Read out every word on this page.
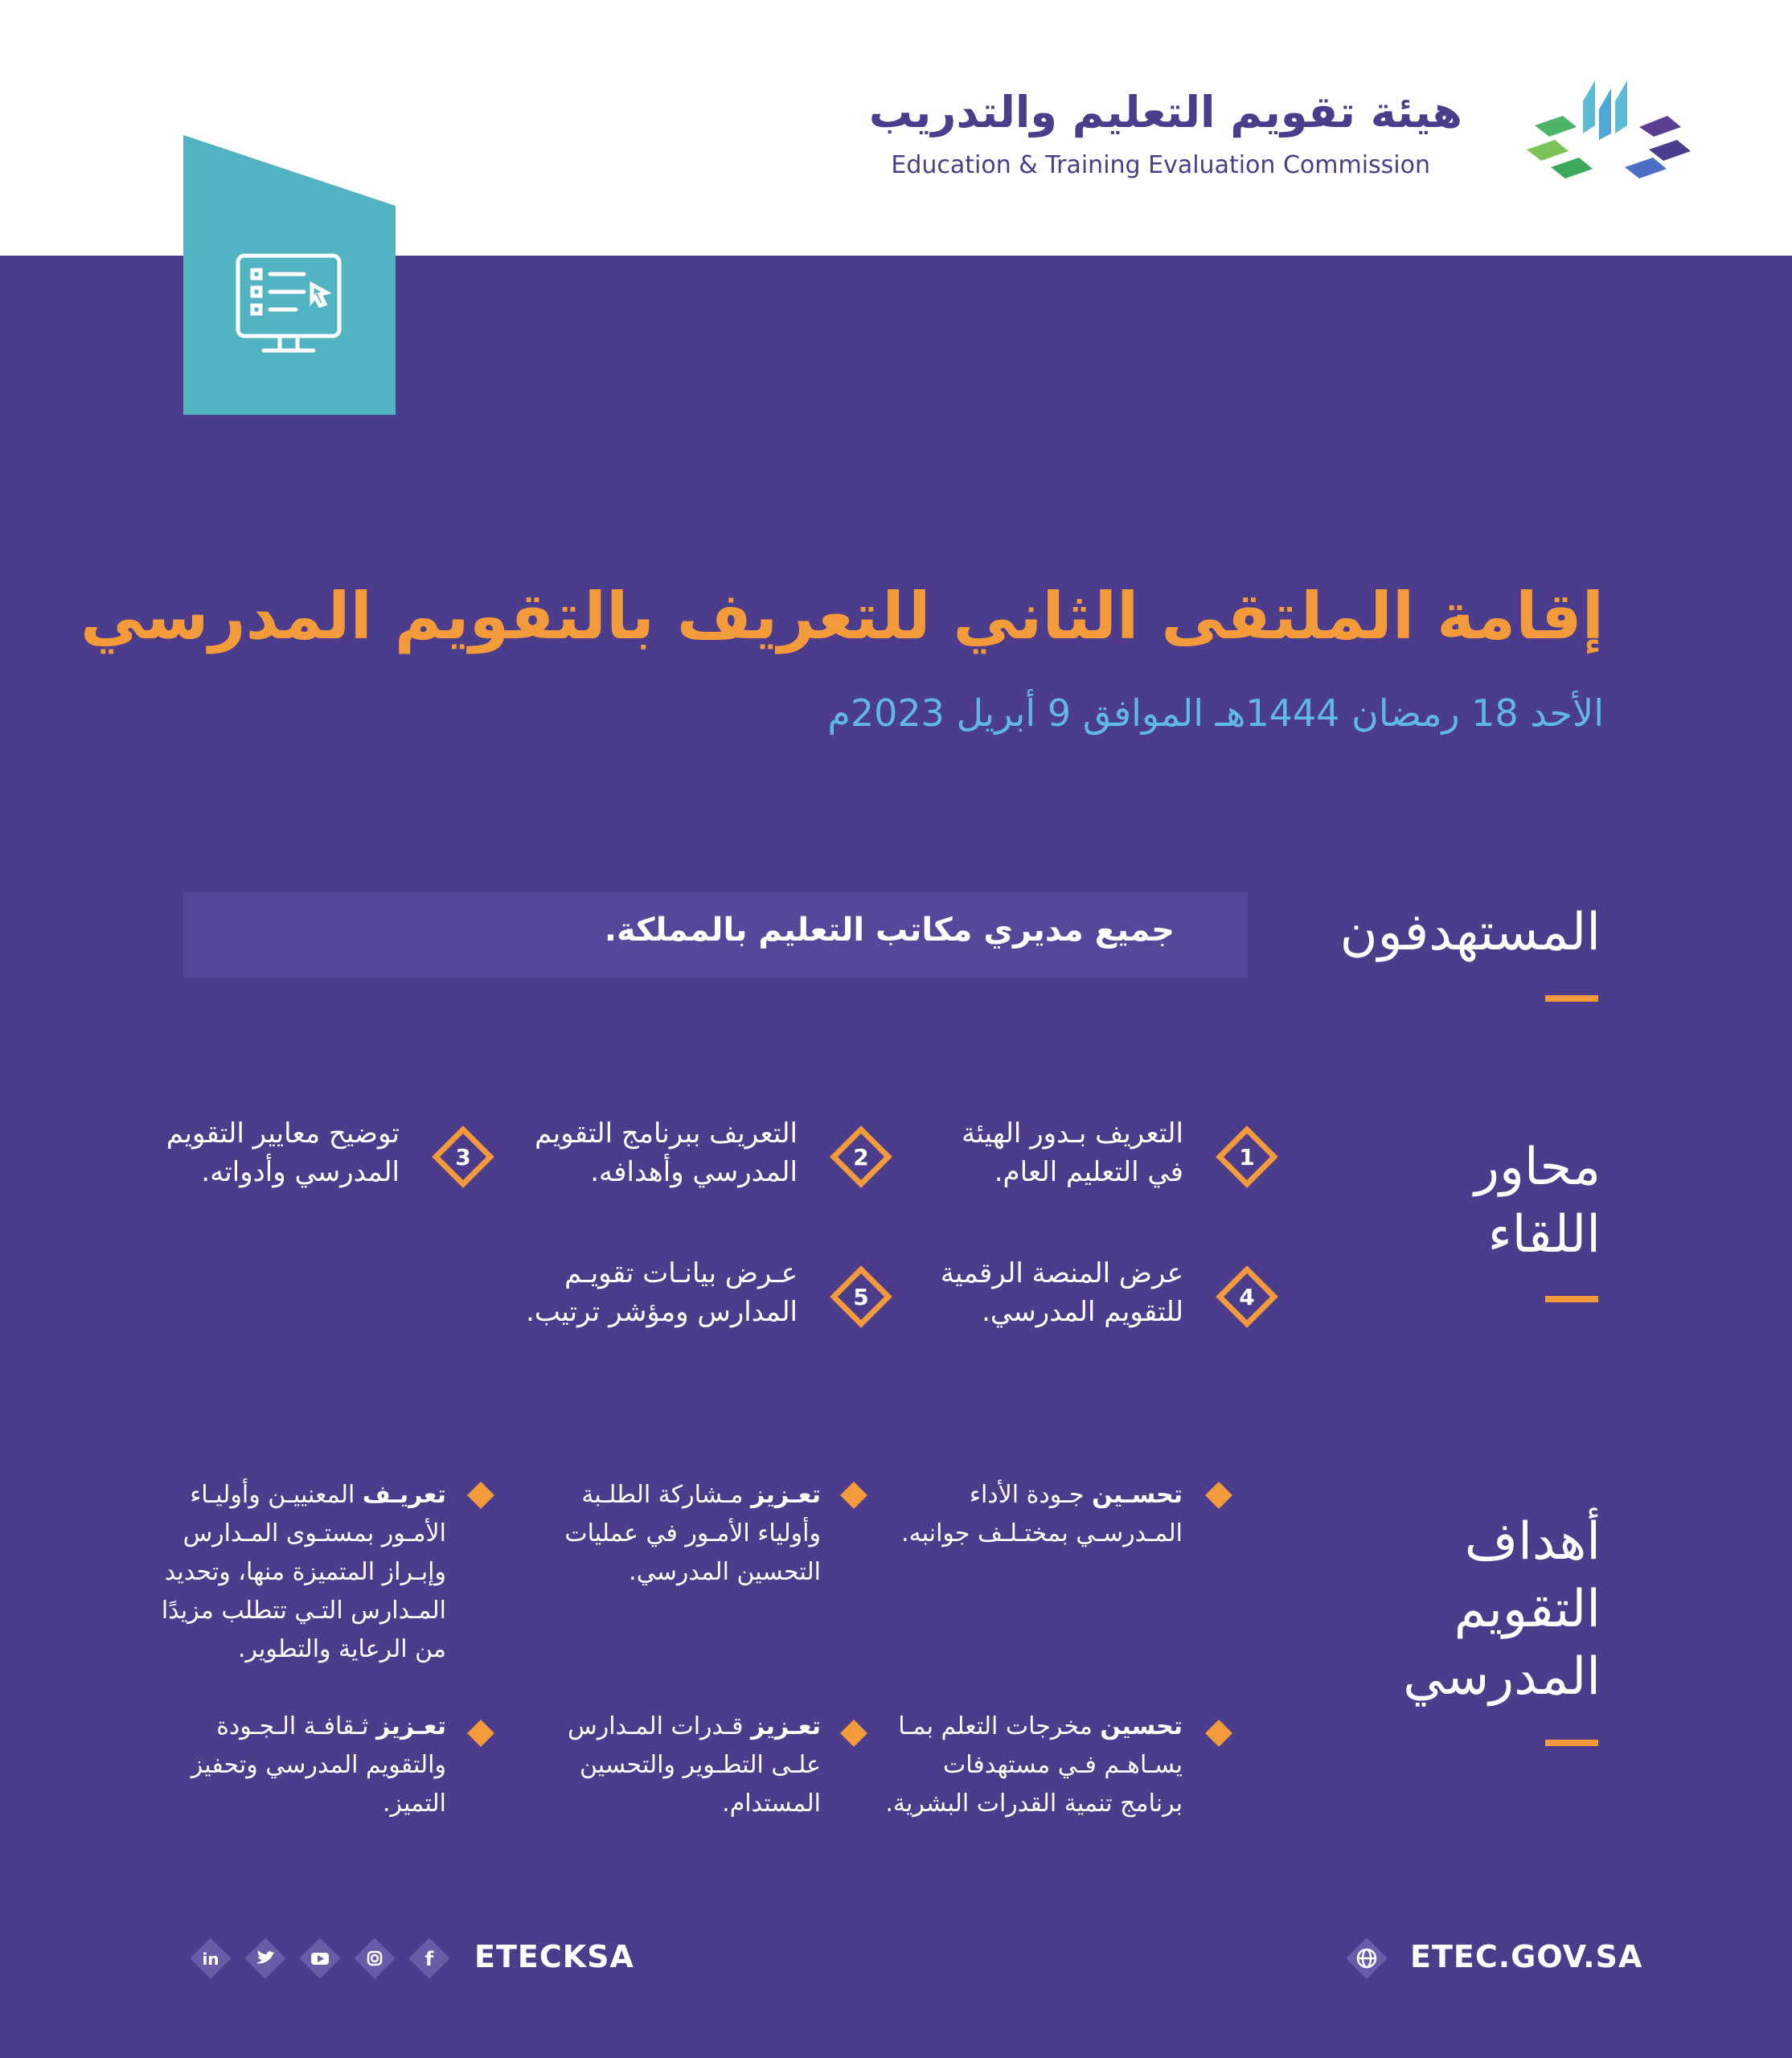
هيئة تقويم التعليم والتدريب
Education & Training Evaluation Commission
إقامة الملتقى الثاني للتعريف بالتقويم المدرسي
الأحد 18 رمضان 1444هـ الموافق 9 أبريل 2023م
المستهدفون
جميع مديري مكاتب التعليم بالمملكة.
محاور
اللقاء
1
التعريف بـدور الهيئة
في التعليم العام.
2
التعريف ببرنامج التقويم
المدرسي وأهدافه.
3
توضيح معايير التقويم
المدرسي وأدواته.
4
عرض المنصة الرقمية
للتقويم المدرسي.
5
عـرض بيانـات تقويـم
المدارس ومؤشر ترتيب.
أهداف
التقويم
المدرسي
تحسـين جـودة الأداء المـدرسـي بمختـلـف جوانبه.
تعـزيز مـشاركة الطلـبة وأولياء الأمـور في عمليات التحسين المدرسي.
تعريـف المعنييـن وأوليـاء الأمـور بمستـوى المـدارس وإبـراز المتميزة منها، وتحديد المـدارس التـي تتطلب مزيدًا من الرعاية والتطوير.
تحسين مخرجات التعلم بمـا يسـاهـم فـي مستهدفات برنامج تنمية القدرات البشرية.
تعـزيز قـدرات المـدارس علـى التطـوير والتحسين المستدام.
تعـزيز ثـقافـة الـجـودة والتقويم المدرسي وتحفيز التميز.
ETEC.GOV.SA
ETECKSA
f
in
